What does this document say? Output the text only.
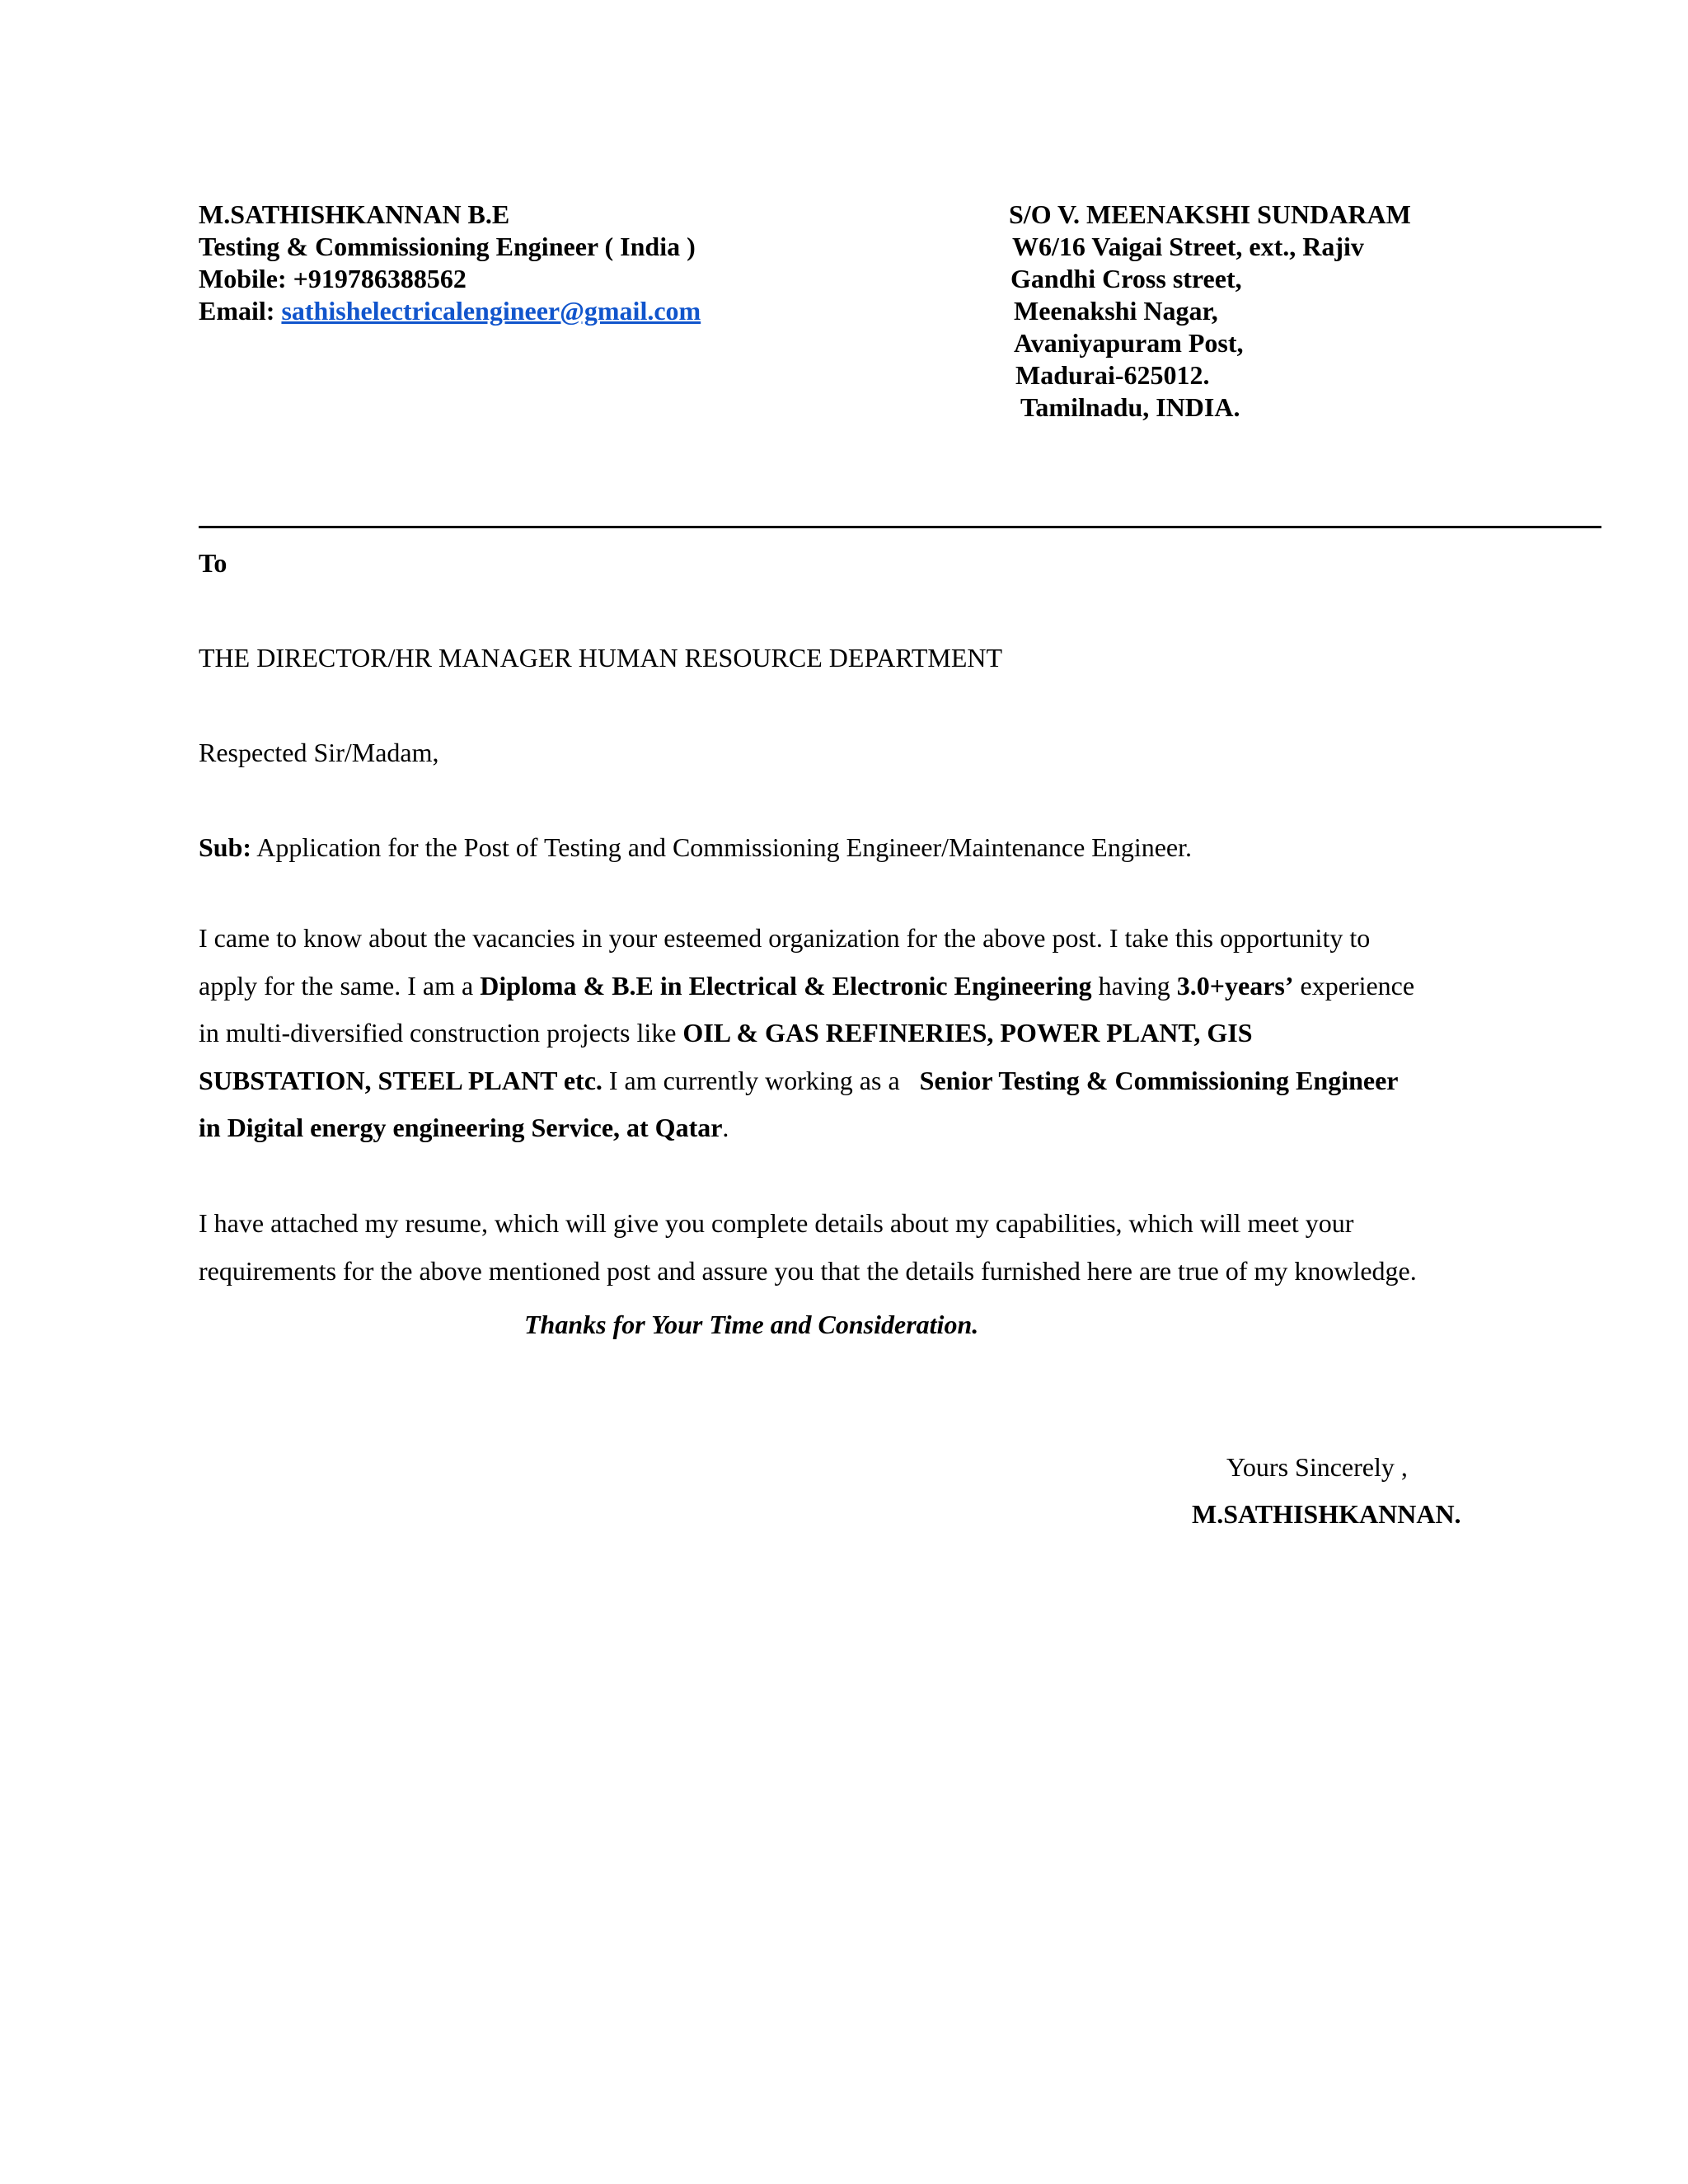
M.SATHISHKANNAN B.E
Testing & Commissioning Engineer ( India )
Mobile: +919786388562
Email: sathishelectricalengineer@gmail.com
S/O V. MEENAKSHI SUNDARAM
W6/16 Vaigai Street, ext., Rajiv
Gandhi Cross street,
Meenakshi Nagar,
Avaniyapuram Post,
Madurai-625012.
Tamilnadu, INDIA.
To
THE DIRECTOR/HR MANAGER HUMAN RESOURCE DEPARTMENT
Respected Sir/Madam,
Sub: Application for the Post of Testing and Commissioning Engineer/Maintenance Engineer.
I came to know about the vacancies in your esteemed organization for the above post. I take this opportunity to
apply for the same. I am a Diploma & B.E in Electrical & Electronic Engineering having 3.0+years’ experience
in multi-diversified construction projects like OIL & GAS REFINERIES, POWER PLANT, GIS
SUBSTATION, STEEL PLANT etc. I am currently working as a   Senior Testing & Commissioning Engineer
in Digital energy engineering Service, at Qatar.
I have attached my resume, which will give you complete details about my capabilities, which will meet your
requirements for the above mentioned post and assure you that the details furnished here are true of my knowledge.
Thanks for Your Time and Consideration.
Yours Sincerely ,
M.SATHISHKANNAN.
